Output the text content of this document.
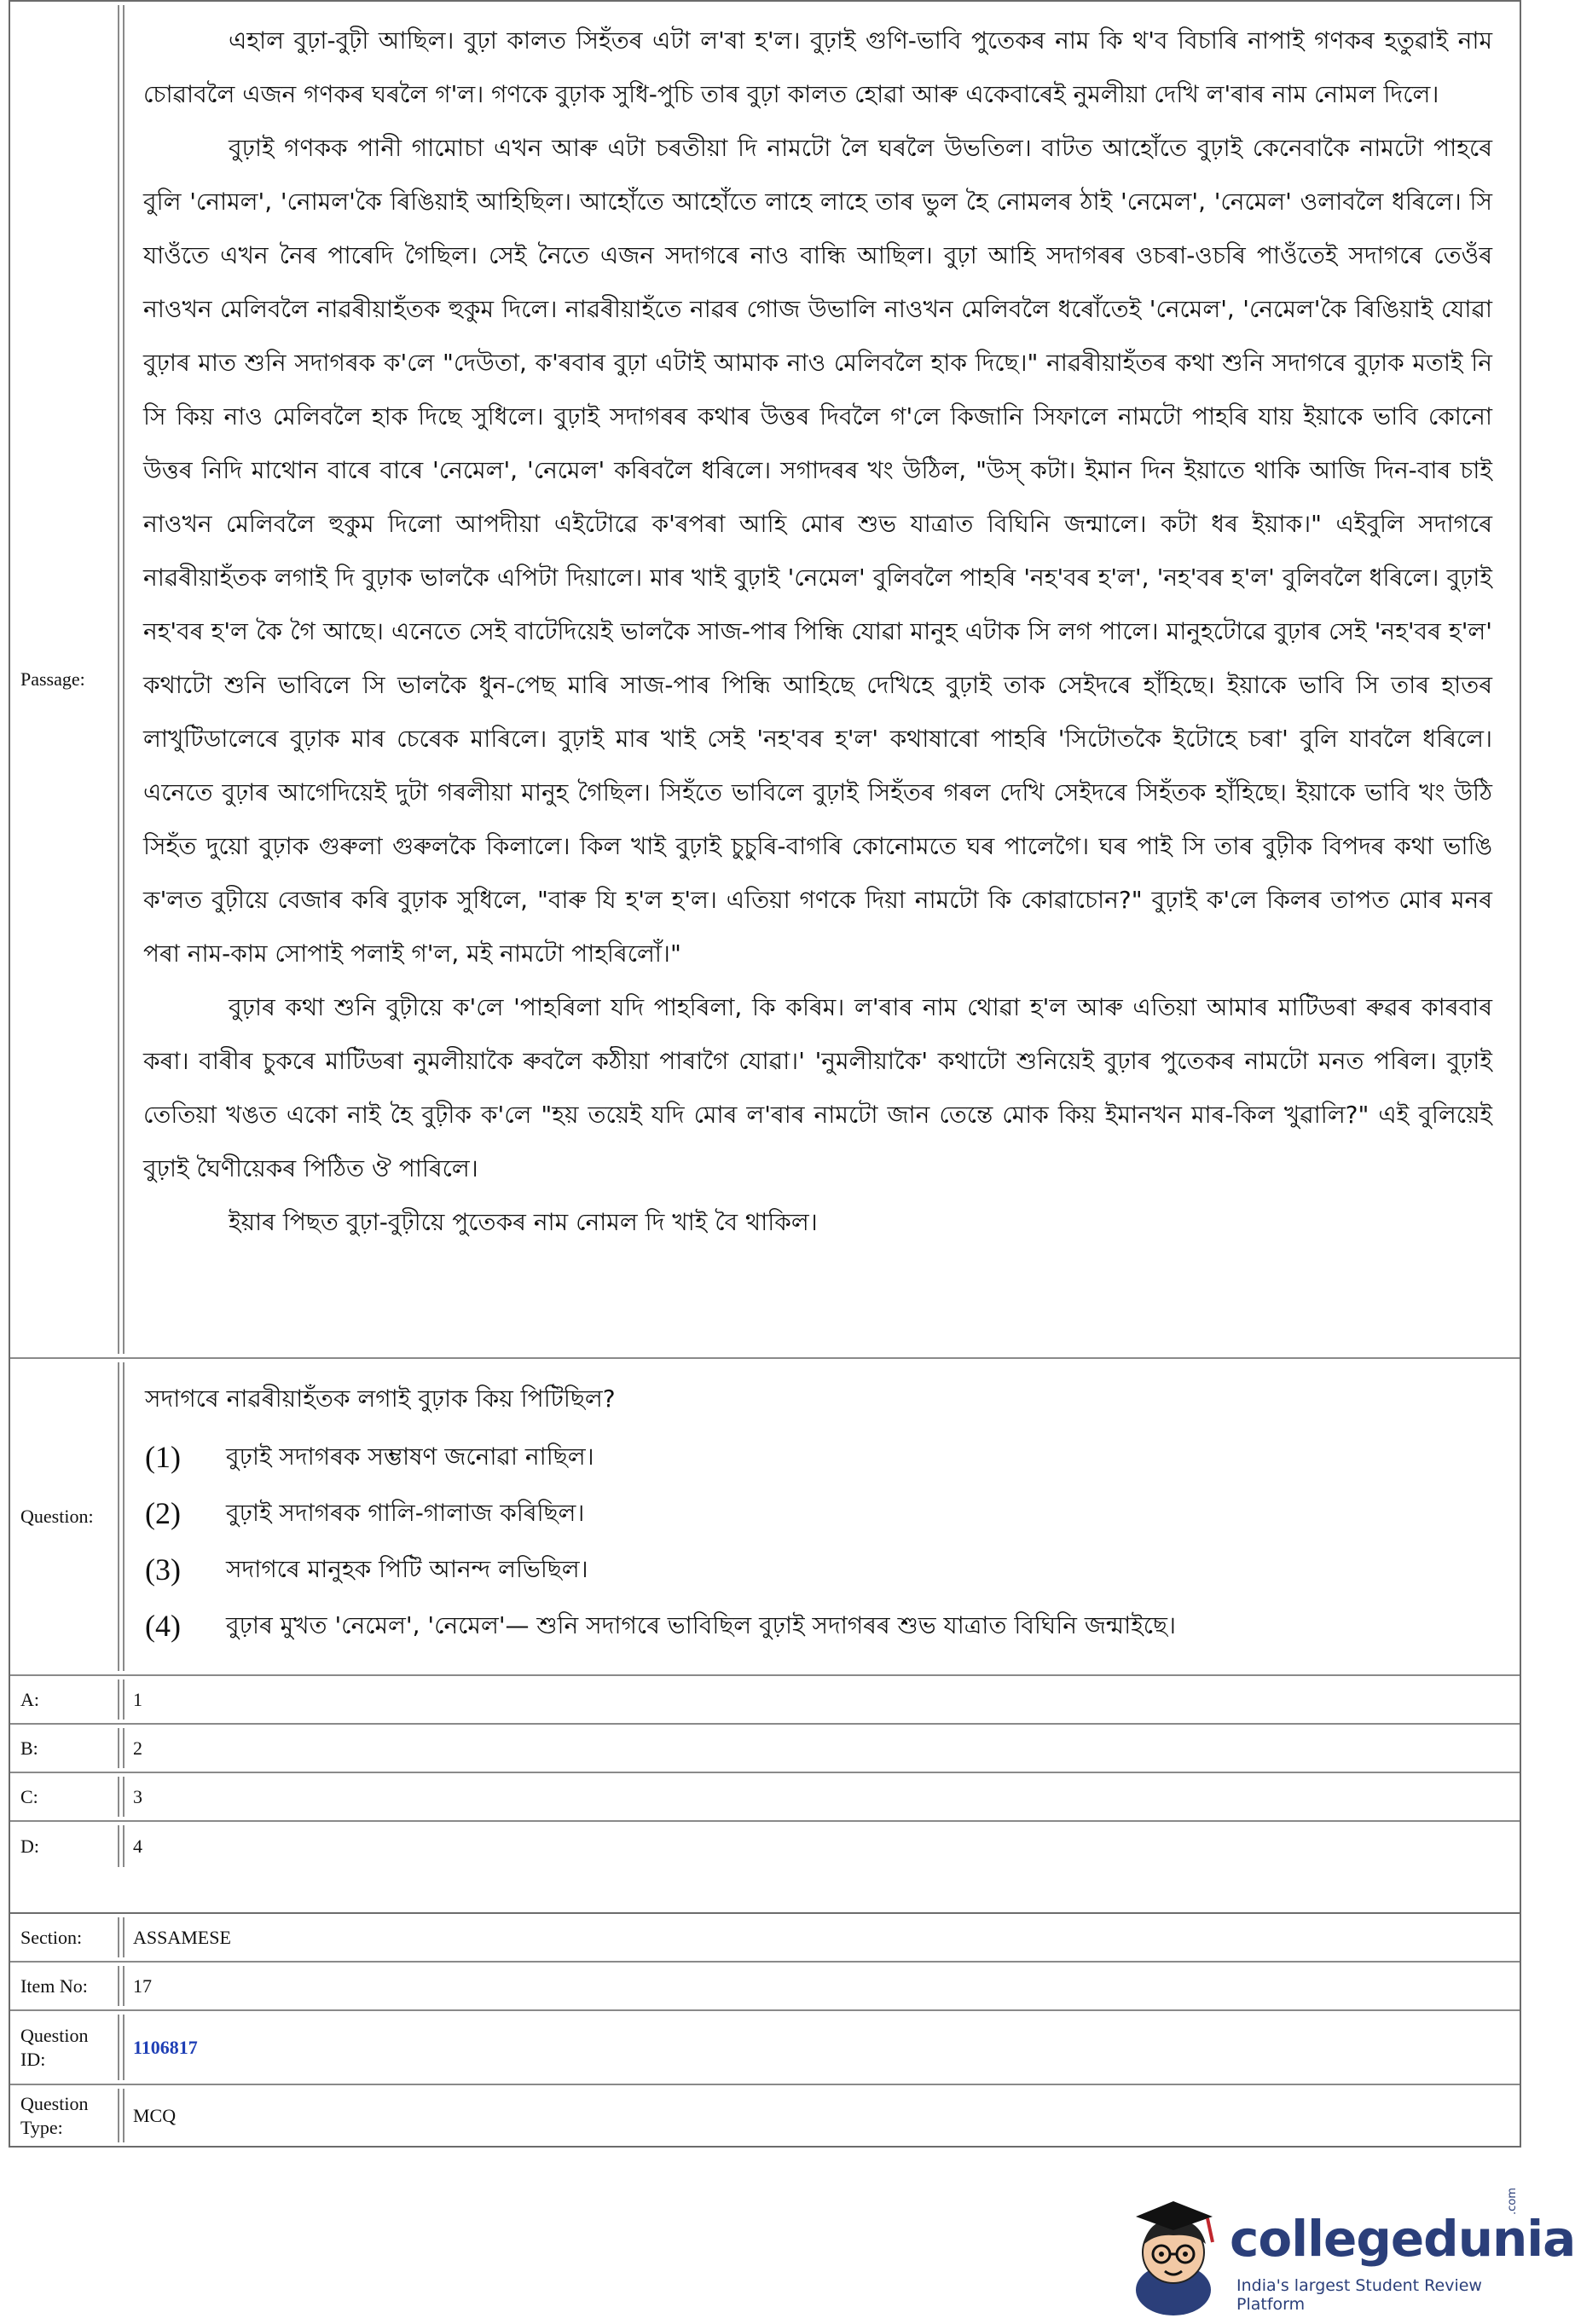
Passage:

এহাল বুঢ়া-বুঢ়ী আছিল। বুঢ়া কালত সিহঁতৰ এটা ল'ৰা হ'ল। বুঢ়াই গুণি-ভাবি পুতেকৰ নাম কি থ'ব বিচাৰি নাপাই গণকৰ হতুৱাই নাম চোৱাবলৈ এজন গণকৰ ঘৰলৈ গ'ল। গণকে বুঢ়াক সুধি-পুচি তাৰ বুঢ়া কালত হোৱা আৰু একেবাৰেই নুমলীয়া দেখি ল'ৰাৰ নাম নোমল দিলে।

বুঢ়াই গণকক পানী গামোচা এখন আৰু এটা চৰতীয়া দি নামটো লৈ ঘৰলৈ উভতিল। বাটত আহোঁতে বুঢ়াই কেনেবাকৈ নামটো পাহৰে বুলি 'নোমল', 'নোমল'কৈ ৰিঙিয়াই আহিছিল। আহোঁতে আহোঁতে লাহে লাহে তাৰ ভুল হৈ নোমলৰ ঠাই 'নেমেল', 'নেমেল' ওলাবলৈ ধৰিলে। সি যাওঁতে এখন নৈৰ পাৰেদি গৈছিল। সেই নৈতে এজন সদাগৰে নাও বান্ধি আছিল। বুঢ়া আহি সদাগৰৰ ওচৰা-ওচৰি পাওঁতেই সদাগৰে তেওঁৰ নাওখন মেলিবলৈ নাৱৰীয়াহঁতক হুকুম দিলে। নাৱৰীয়াহঁতে নাৱৰ গোজ উভালি নাওখন মেলিবলৈ ধৰোঁতেই 'নেমেল', 'নেমেল'কৈ ৰিঙিয়াই যোৱা বুঢ়াৰ মাত শুনি সদাগৰক ক'লে "দেউতা, ক'ৰবাৰ বুঢ়া এটাই আমাক নাও মেলিবলৈ হাক দিছে।" নাৱৰীয়াহঁতৰ কথা শুনি সদাগৰে বুঢ়াক মতাই নি সি কিয় নাও মেলিবলৈ হাক দিছে সুধিলে। বুঢ়াই সদাগৰৰ কথাৰ উত্তৰ দিবলৈ গ'লে কিজানি সিফালে নামটো পাহৰি যায় ইয়াকে ভাবি কোনো উত্তৰ নিদি মাথোন বাৰে বাৰে 'নেমেল', 'নেমেল' কৰিবলৈ ধৰিলে। সগাদৰৰ খং উঠিল, "উস্ কটা। ইমান দিন ইয়াতে থাকি আজি দিন-বাৰ চাই নাওখন মেলিবলৈ হুকুম দিলো আপদীয়া এইটোৱে ক'ৰপৰা আহি মোৰ শুভ যাত্ৰাত বিঘিনি জন্মালে। কটা ধৰ ইয়াক।" এইবুলি সদাগৰে নাৱৰীয়াহঁতক লগাই দি বুঢ়াক ভালকৈ এপিটা দিয়ালে। মাৰ খাই বুঢ়াই 'নেমেল' বুলিবলৈ পাহৰি 'নহ'বৰ হ'ল', 'নহ'বৰ হ'ল' বুলিবলৈ ধৰিলে। বুঢ়াই নহ'বৰ হ'ল কৈ গৈ আছে। এনেতে সেই বাটেদিয়েই ভালকৈ সাজ-পাৰ পিন্ধি যোৱা মানুহ এটাক সি লগ পালে। মানুহটোৱে বুঢ়াৰ সেই 'নহ'বৰ হ'ল' কথাটো শুনি ভাবিলে সি ভালকৈ ধুন-পেছ মাৰি সাজ-পাৰ পিন্ধি আহিছে দেখিহে বুঢ়াই তাক সেইদৰে হাঁহিছে। ইয়াকে ভাবি সি তাৰ হাতৰ লাখুটিডালেৰে বুঢ়াক মাৰ চেৰেক মাৰিলে। বুঢ়াই মাৰ খাই সেই 'নহ'বৰ হ'ল' কথাষাৰো পাহৰি 'সিটোতকৈ ইটোহে চৰা' বুলি যাবলৈ ধৰিলে। এনেতে বুঢ়াৰ আগেদিয়েই দুটা গৰলীয়া মানুহ গৈছিল। সিহঁতে ভাবিলে বুঢ়াই সিহঁতৰ গৰল দেখি সেইদৰে সিহঁতক হাঁহিছে। ইয়াকে ভাবি খং উঠি সিহঁত দুয়ো বুঢ়াক গুৰুলা গুৰুলকৈ কিলালে। কিল খাই বুঢ়াই চুচুৰি-বাগৰি কোনোমতে ঘৰ পালেগৈ। ঘৰ পাই সি তাৰ বুঢ়ীক বিপদৰ কথা ভাঙি ক'লত বুঢ়ীয়ে বেজাৰ কৰি বুঢ়াক সুধিলে, "বাৰু যি হ'ল হ'ল। এতিয়া গণকে দিয়া নামটো কি কোৱাচোন?" বুঢ়াই ক'লে কিলৰ তাপত মোৰ মনৰ পৰা নাম-কাম সোপাই পলাই গ'ল, মই নামটো পাহৰিলোঁ।"

বুঢ়াৰ কথা শুনি বুঢ়ীয়ে ক'লে 'পাহৰিলা যদি পাহৰিলা, কি কৰিম। ল'ৰাৰ নাম থোৱা হ'ল আৰু এতিয়া আমাৰ মাটিডৰা ৰুৱৰ কাৰবাৰ কৰা। বাৰীৰ চুকৰে মাটিডৰা নুমলীয়াকৈ ৰুবলৈ কঠীয়া পাৰাগৈ যোৱা।' 'নুমলীয়াকৈ' কথাটো শুনিয়েই বুঢ়াৰ পুতেকৰ নামটো মনত পৰিল। বুঢ়াই তেতিয়া খঙত একো নাই হৈ বুঢ়ীক ক'লে "হয় তয়েই যদি মোৰ ল'ৰাৰ নামটো জান তেন্তে মোক কিয় ইমানখন মাৰ-কিল খুৱালি?" এই বুলিয়েই বুঢ়াই ঘৈণীয়েকৰ পিঠিত ঔ পাৰিলে।

ইয়াৰ পিছত বুঢ়া-বুঢ়ীয়ে পুতেকৰ নাম নোমল দি খাই বৈ থাকিল।

Question:
সদাগৰে নাৱৰীয়াহঁতক লগাই বুঢ়াক কিয় পিটিছিল?
(1)	বুঢ়াই সদাগৰক সম্ভাষণ জনোৱা নাছিল।
(2)	বুঢ়াই সদাগৰক গালি-গালাজ কৰিছিল।
(3)	সদাগৰে মানুহক পিটি আনন্দ লভিছিল।
(4)	বুঢ়াৰ মুখত 'নেমেল', 'নেমেল'— শুনি সদাগৰে ভাবিছিল বুঢ়াই সদাগৰৰ শুভ যাত্ৰাত বিঘিনি জন্মাইছে।
A:	1
B:	2
C:	3
D:	4
Section:	ASSAMESE
Item No:	17
Question ID:
1106817
Question Type:
MCQ
collegedunia
.com
India's largest Student Review Platform
